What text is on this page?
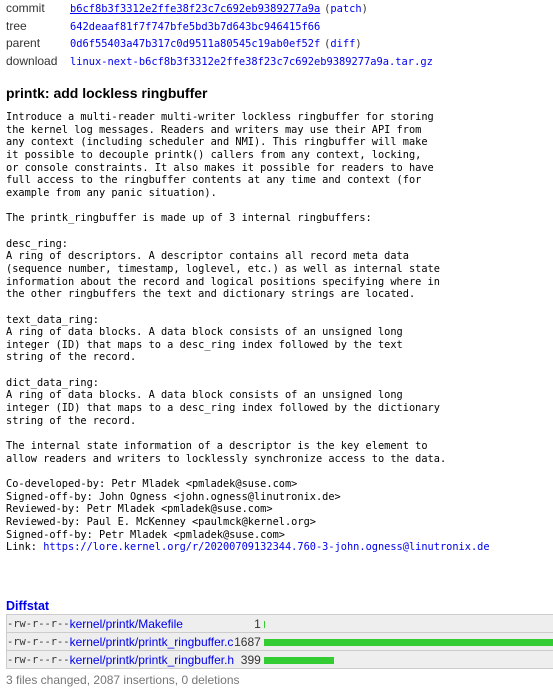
commit	b6cf8b3f3312e2ffe38f23c7c692eb9389277a9a (patch)
tree	642deaaf81f7f747bfe5bd3b7d643bc946415f66
parent	0d6f55403a47b317c0d9511a80545c19ab0ef52f (diff)
download	linux-next-b6cf8b3f3312e2ffe38f23c7c692eb9389277a9a.tar.gz
printk: add lockless ringbuffer
Introduce a multi-reader multi-writer lockless ringbuffer for storing
the kernel log messages. Readers and writers may use their API from
any context (including scheduler and NMI). This ringbuffer will make
it possible to decouple printk() callers from any context, locking,
or console constraints. It also makes it possible for readers to have
full access to the ringbuffer contents at any time and context (for
example from any panic situation).

The printk_ringbuffer is made up of 3 internal ringbuffers:

desc_ring:
A ring of descriptors. A descriptor contains all record meta data
(sequence number, timestamp, loglevel, etc.) as well as internal state
information about the record and logical positions specifying where in
the other ringbuffers the text and dictionary strings are located.

text_data_ring:
A ring of data blocks. A data block consists of an unsigned long
integer (ID) that maps to a desc_ring index followed by the text
string of the record.

dict_data_ring:
A ring of data blocks. A data block consists of an unsigned long
integer (ID) that maps to a desc_ring index followed by the dictionary
string of the record.

The internal state information of a descriptor is the key element to
allow readers and writers to locklessly synchronize access to the data.

Co-developed-by: Petr Mladek <pmladek@suse.com>
Signed-off-by: John Ogness <john.ogness@linutronix.de>
Reviewed-by: Petr Mladek <pmladek@suse.com>
Reviewed-by: Paul E. McKenney <paulmck@kernel.org>
Signed-off-by: Petr Mladek <pmladek@suse.com>
Link: https://lore.kernel.org/r/20200709132344.760-3-john.ogness@linutronix.de
Diffstat
-rw-r--r--	kernel/printk/Makefile	1	
-rw-r--r--	kernel/printk/printk_ringbuffer.c	1687	
-rw-r--r--	kernel/printk/printk_ringbuffer.h	399	
3 files changed, 2087 insertions, 0 deletions
